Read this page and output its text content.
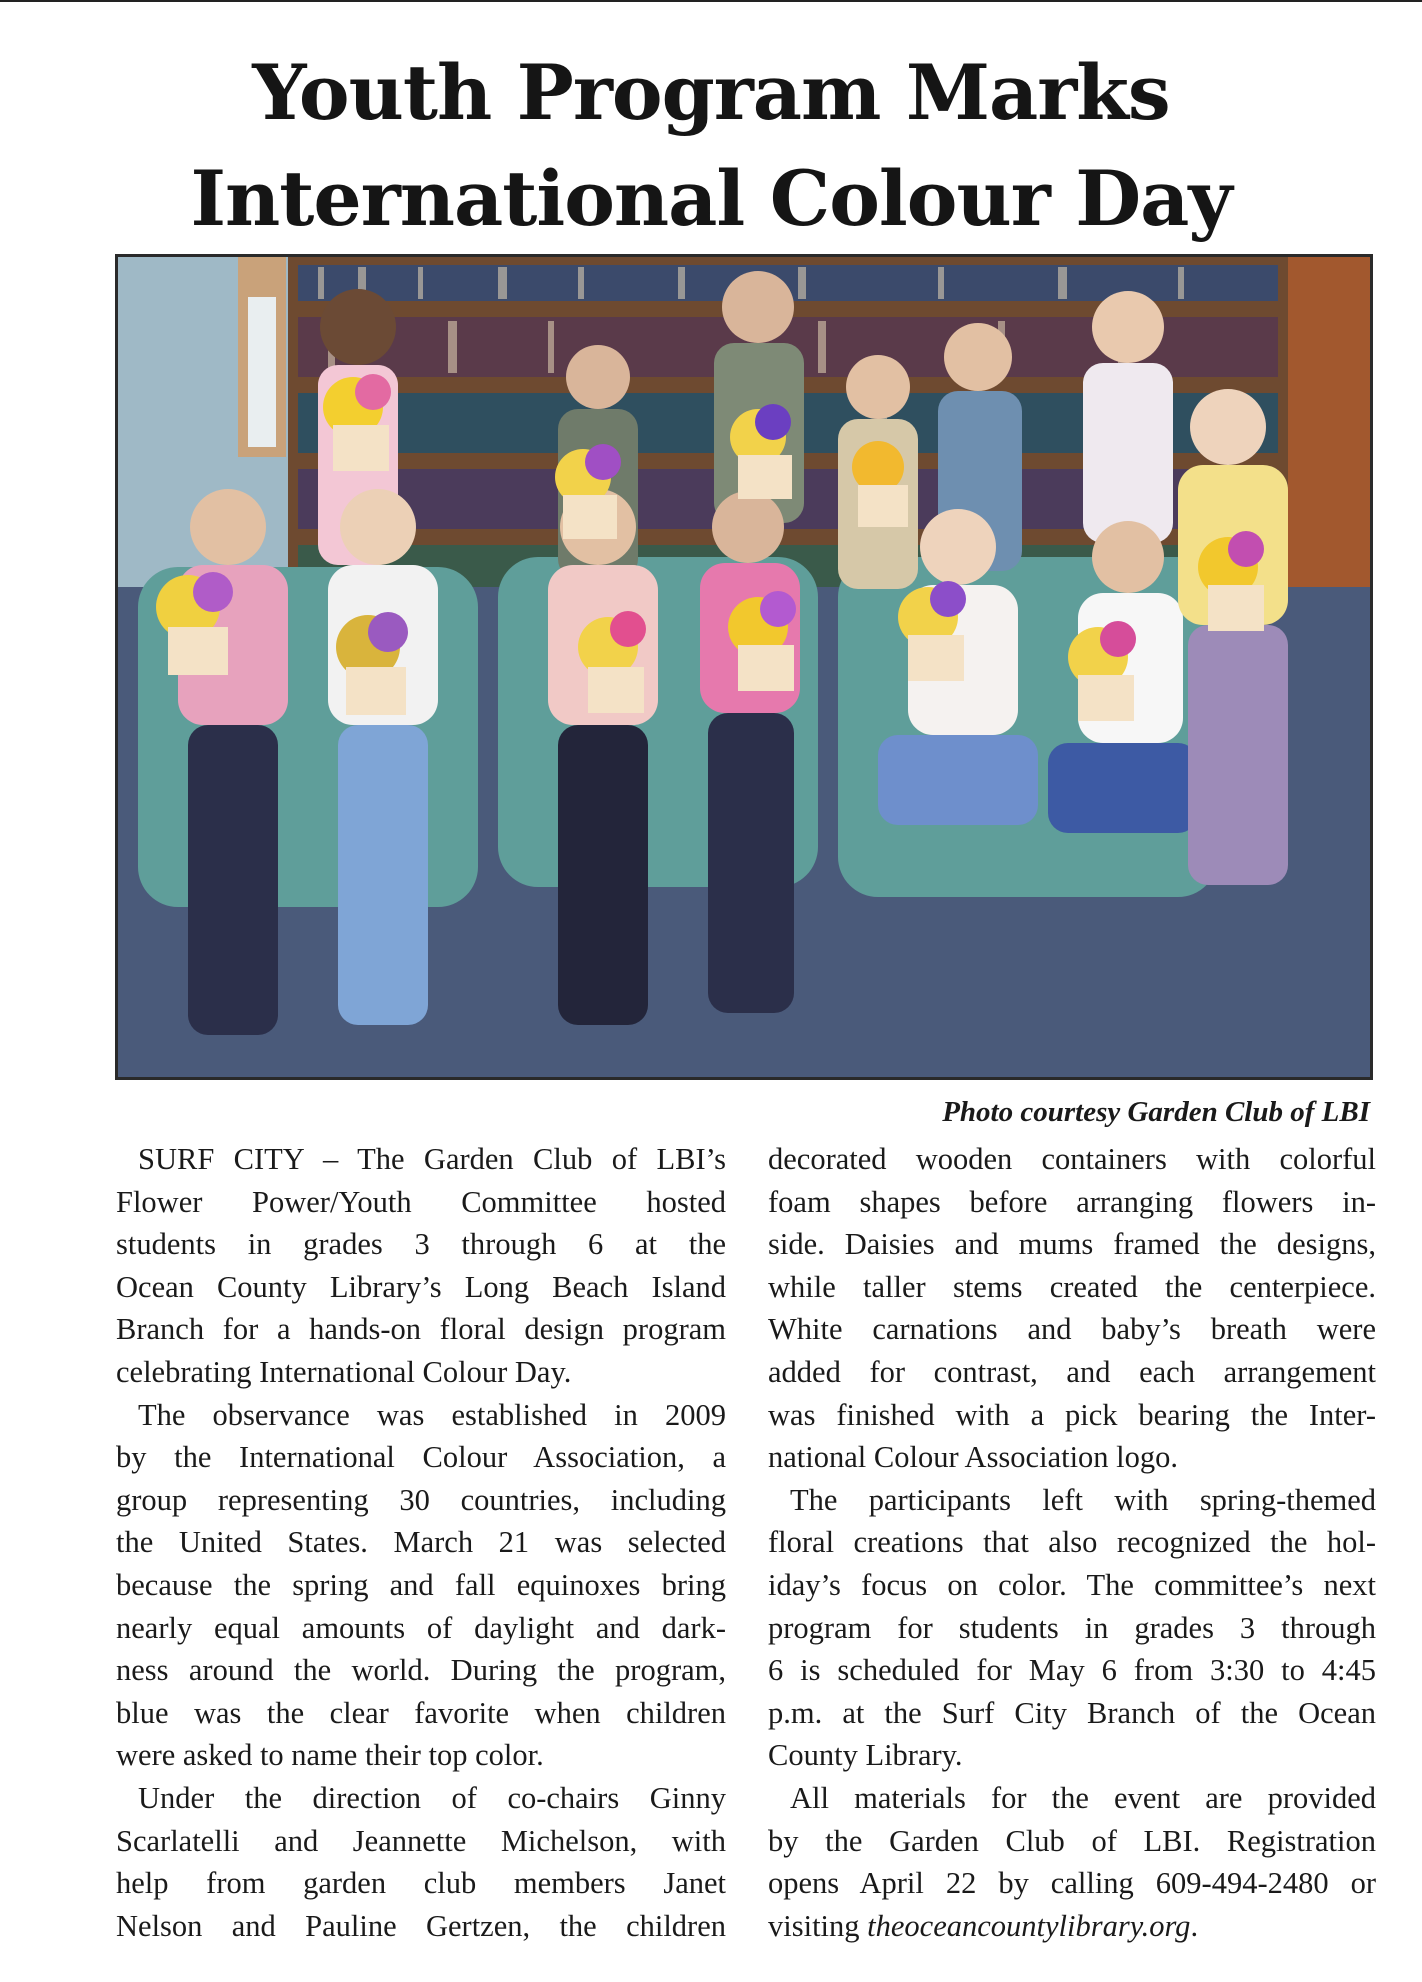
Youth Program Marks
International Colour Day
Photo courtesy Garden Club of LBI
SURF CITY – The Garden Club of LBI’s
Flower Power/Youth Committee hosted
students in grades 3 through 6 at the
Ocean County Library’s Long Beach Island
Branch for a hands-on floral design program
celebrating International Colour Day.
The observance was established in 2009
by the International Colour Association, a
group representing 30 countries, including
the United States. March 21 was selected
because the spring and fall equinoxes bring
nearly equal amounts of daylight and dark-
ness around the world. During the program,
blue was the clear favorite when children
were asked to name their top color.
Under the direction of co-chairs Ginny
Scarlatelli and Jeannette Michelson, with
help from garden club members Janet
Nelson and Pauline Gertzen, the children
decorated wooden containers with colorful
foam shapes before arranging flowers in-
side. Daisies and mums framed the designs,
while taller stems created the centerpiece.
White carnations and baby’s breath were
added for contrast, and each arrangement
was finished with a pick bearing the Inter-
national Colour Association logo.
The participants left with spring-themed
floral creations that also recognized the hol-
iday’s focus on color. The committee’s next
program for students in grades 3 through
6 is scheduled for May 6 from 3:30 to 4:45
p.m. at the Surf City Branch of the Ocean
County Library.
All materials for the event are provided
by the Garden Club of LBI. Registration
opens April 22 by calling 609-494-2480 or
visiting theoceancountylibrary.org.
